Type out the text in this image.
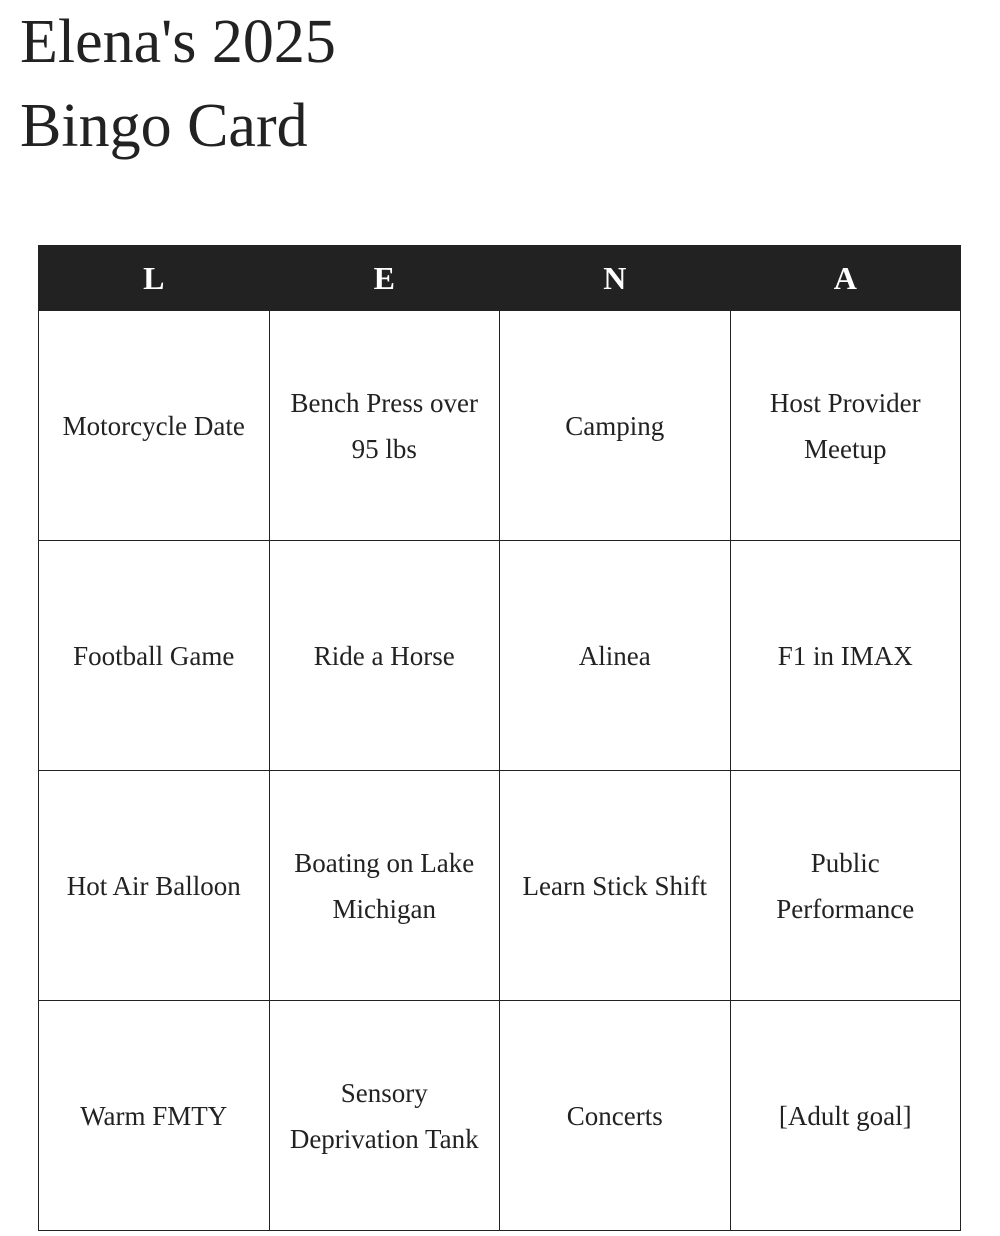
Elena's 2025
Bingo Card
L	E	N	A
Motorcycle Date	Bench Press over 95 lbs	Camping	Host Provider Meetup
Football Game	Ride a Horse	Alinea	F1 in IMAX
Hot Air Balloon	Boating on Lake Michigan	Learn Stick Shift	Public Performance
Warm FMTY	Sensory Deprivation Tank	Concerts	[Adult goal]
